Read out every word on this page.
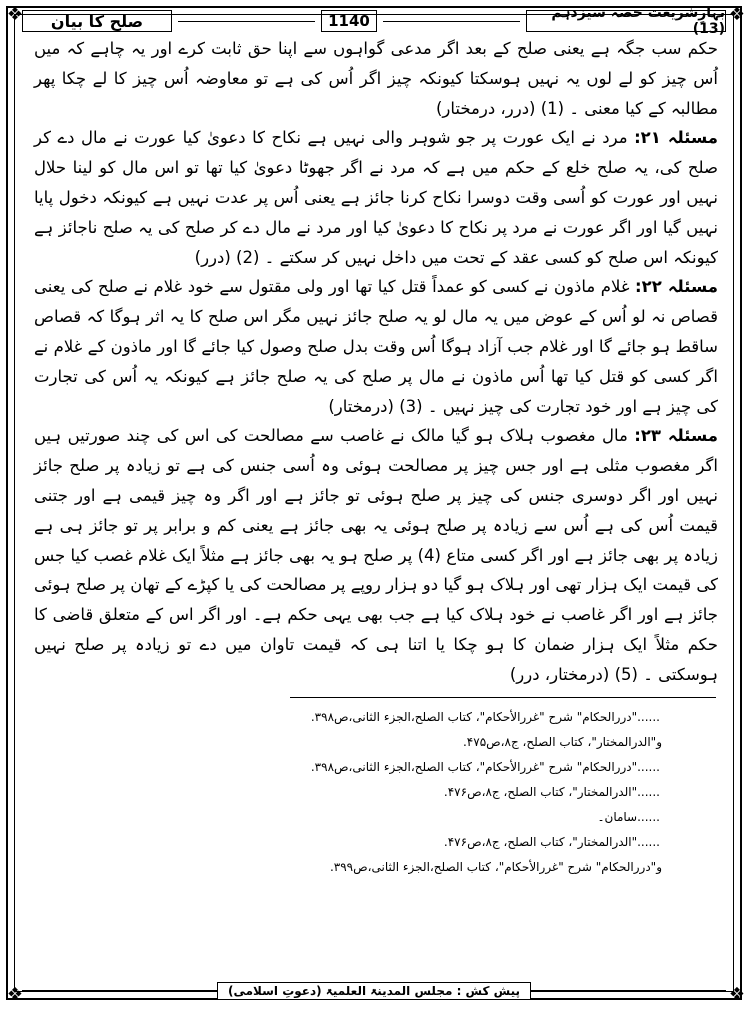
❖	❖
❖	❖
بہارِشریعت حصہ سیزدہم (13)
1140
صلح کا بیان

حکم سب جگہ ہے یعنی صلح کے بعد اگر مدعی گواہوں سے اپنا حق ثابت کرے اور یہ چاہے کہ میں اُس چیز کو لے لوں یہ نہیں ہوسکتا کیونکہ چیز اگر اُس کی ہے تو معاوضہ اُس چیز کا لے چکا پھر مطالبہ کے کیا معنی ۔ (1) (درر، درمختار)

مسئلہ ۲۱: مرد نے ایک عورت پر جو شوہر والی نہیں ہے نکاح کا دعویٰ کیا عورت نے مال دے کر صلح کی، یہ صلح خلع کے حکم میں ہے کہ مرد نے اگر جھوٹا دعویٰ کیا تھا تو اس مال کو لینا حلال نہیں اور عورت کو اُسی وقت دوسرا نکاح کرنا جائز ہے یعنی اُس پر عدت نہیں ہے کیونکہ دخول پایا نہیں گیا اور اگر عورت نے مرد پر نکاح کا دعویٰ کیا اور مرد نے مال دے کر صلح کی یہ صلح ناجائز ہے کیونکہ اس صلح کو کسی عقد کے تحت میں داخل نہیں کر سکتے ۔ (2) (درر)

مسئلہ ۲۲: غلام ماذون نے کسی کو عمداً قتل کیا تھا اور ولی مقتول سے خود غلام نے صلح کی یعنی قصاص نہ لو اُس کے عوض میں یہ مال لو یہ صلح جائز نہیں مگر اس صلح کا یہ اثر ہوگا کہ قصاص ساقط ہو جائے گا اور غلام جب آزاد ہوگا اُس وقت بدل صلح وصول کیا جائے گا اور ماذون کے غلام نے اگر کسی کو قتل کیا تھا اُس ماذون نے مال پر صلح کی یہ صلح جائز ہے کیونکہ یہ اُس کی تجارت کی چیز ہے اور خود تجارت کی چیز نہیں ۔ (3) (درمختار)

مسئلہ ۲۳: مال مغصوب ہلاک ہو گیا مالک نے غاصب سے مصالحت کی اس کی چند صورتیں ہیں اگر مغصوب مثلی ہے اور جس چیز پر مصالحت ہوئی وہ اُسی جنس کی ہے تو زیادہ پر صلح جائز نہیں اور اگر دوسری جنس کی چیز پر صلح ہوئی تو جائز ہے اور اگر وہ چیز قیمی ہے اور جتنی قیمت اُس کی ہے اُس سے زیادہ پر صلح ہوئی یہ بھی جائز ہے یعنی کم و برابر پر تو جائز ہی ہے زیادہ پر بھی جائز ہے اور اگر کسی متاع (4) پر صلح ہو یہ بھی جائز ہے مثلاً ایک غلام غصب کیا جس کی قیمت ایک ہزار تھی اور ہلاک ہو گیا دو ہزار روپے پر مصالحت کی یا کپڑے کے تھان پر صلح ہوئی جائز ہے اور اگر غاصب نے خود ہلاک کیا ہے جب بھی یہی حکم ہے۔ اور اگر اس کے متعلق قاضی کا حکم مثلاً ایک ہزار ضمان کا ہو چکا یا اتنا ہی کہ قیمت تاوان میں دے تو زیادہ پر صلح نہیں ہوسکتی ۔ (5) (درمختار، درر)

......"دررالحکام" شرح "غررالأحکام"، کتاب الصلح،الجزء الثانی،ص۳۹۸.
و"الدرالمختار"، کتاب الصلح، ج۸،ص۴۷۵.
......"دررالحکام" شرح "غررالأحکام"، کتاب الصلح،الجزء الثانی،ص۳۹۸.
......"الدرالمختار"، کتاب الصلح، ج۸،ص۴۷۶.
......سامان۔
......"الدرالمختار"، کتاب الصلح، ج۸،ص۴۷۶.
و"دررالحکام" شرح "غررالأحکام"، کتاب الصلح،الجزء الثانی،ص۳۹۹.
پیش کش : مجلس المدینۃ العلمیۃ (دعوتِ اسلامی)
